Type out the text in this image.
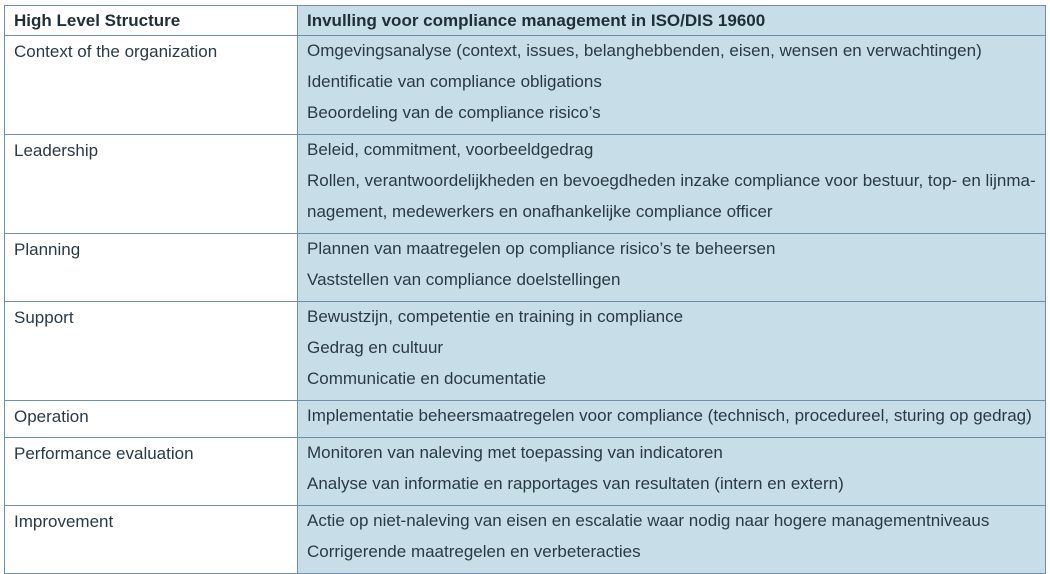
High Level Structure	Invulling voor compliance management in ISO/DIS 19600

Context of the organization	Omgevingsanalyse (context, issues, belanghebbenden, eisen, wensen en verwachtingen)
Identificatie van compliance obligations
Beoordeling van de compliance risico’s

Leadership	Beleid, commitment, voorbeeldgedrag
Rollen, verantwoordelijkheden en bevoegdheden inzake compliance voor bestuur, top- en lijnma-
nagement, medewerkers en onafhankelijke compliance officer

Planning	Plannen van maatregelen op compliance risico’s te beheersen
Vaststellen van compliance doelstellingen

Support	Bewustzijn, competentie en training in compliance
Gedrag en cultuur
Communicatie en documentatie

Operation	Implementatie beheersmaatregelen voor compliance (technisch, procedureel, sturing op gedrag)

Performance evaluation	Monitoren van naleving met toepassing van indicatoren
Analyse van informatie en rapportages van resultaten (intern en extern)

Improvement	Actie op niet-naleving van eisen en escalatie waar nodig naar hogere managementniveaus
Corrigerende maatregelen en verbeteracties
